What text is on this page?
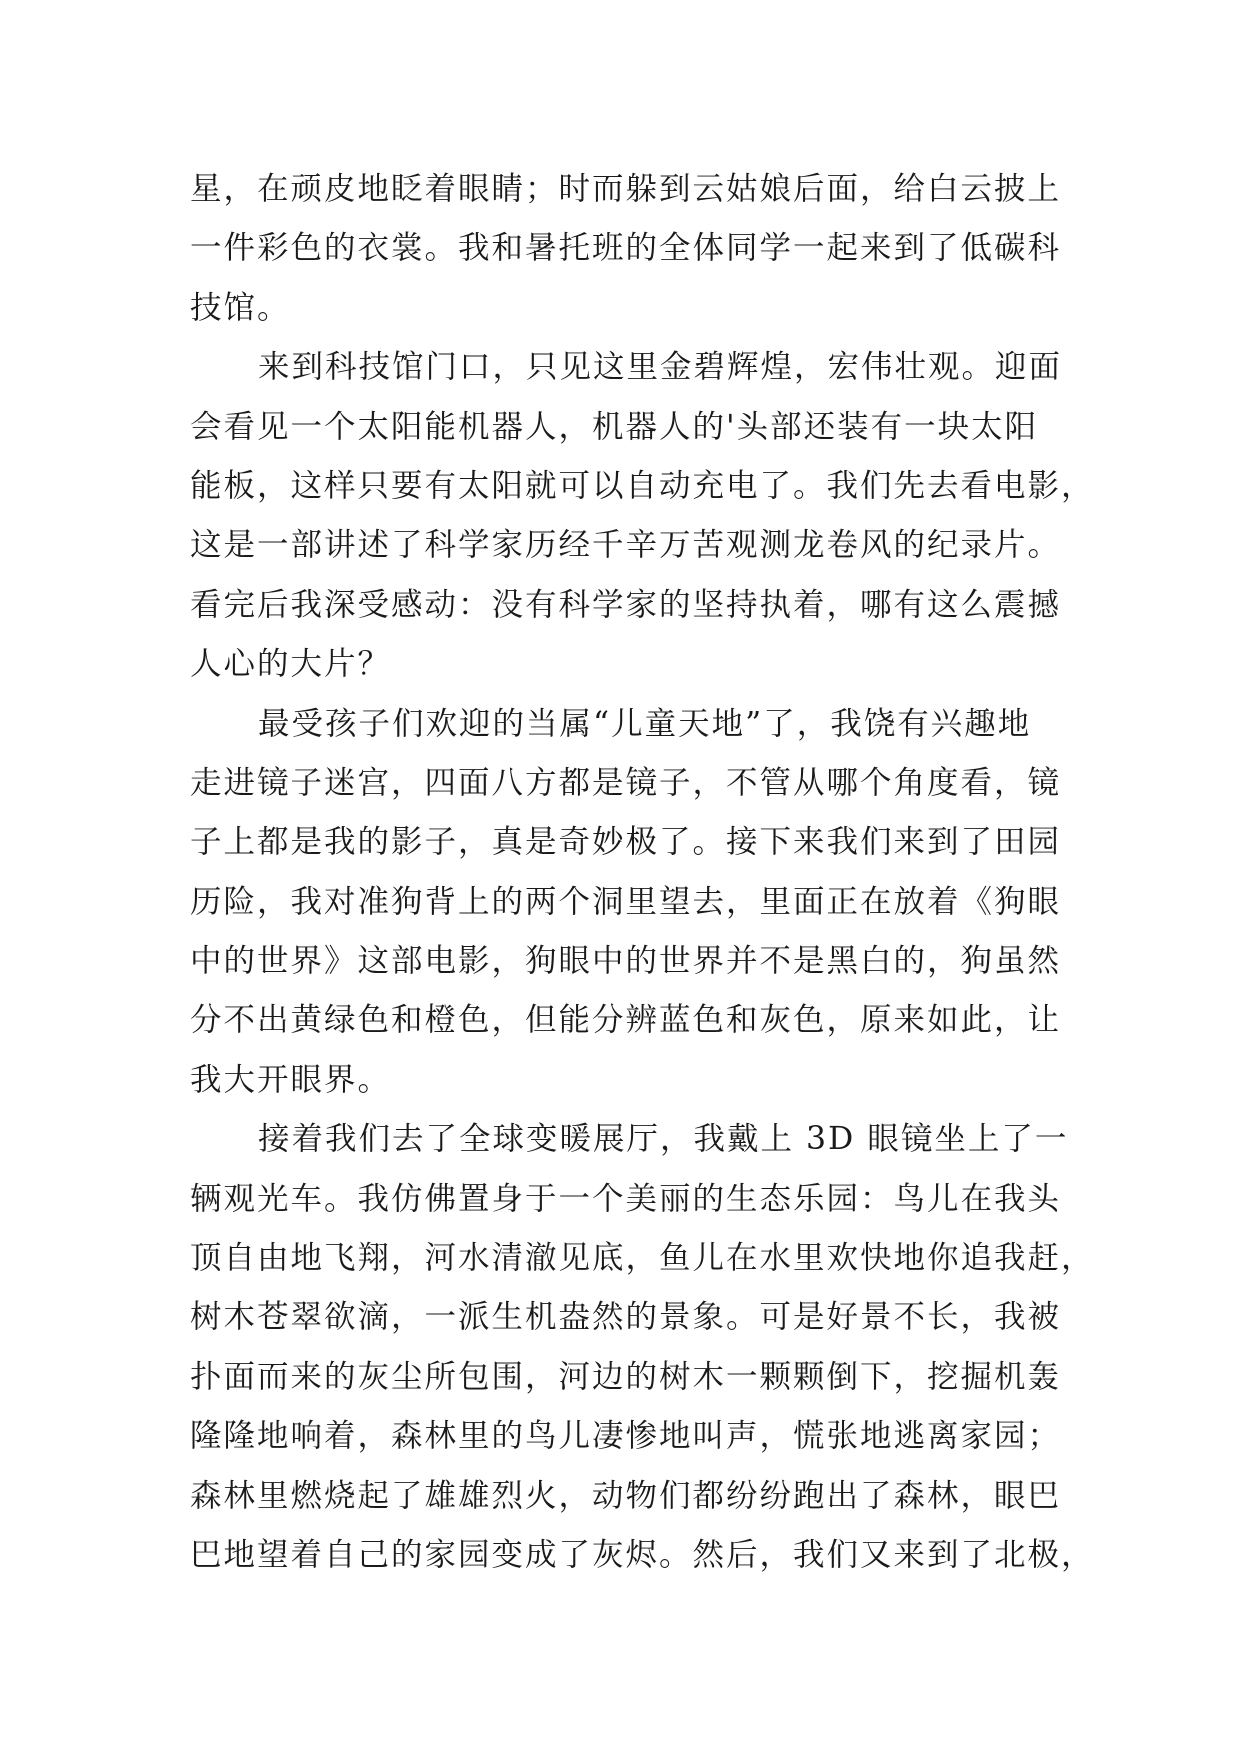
星，在顽皮地眨着眼睛；时而躲到云姑娘后面，给白云披上
一件彩色的衣裳。我和暑托班的全体同学一起来到了低碳科
技馆。
来到科技馆门口，只见这里金碧辉煌，宏伟壮观。迎面
会看见一个太阳能机器人，机器人的'头部还装有一块太阳
能板，这样只要有太阳就可以自动充电了。我们先去看电影，
这是一部讲述了科学家历经千辛万苦观测龙卷风的纪录片。
看完后我深受感动：没有科学家的坚持执着，哪有这么震撼
人心的大片？
最受孩子们欢迎的当属“儿童天地”了，我饶有兴趣地
走进镜子迷宫，四面八方都是镜子，不管从哪个角度看，镜
子上都是我的影子，真是奇妙极了。接下来我们来到了田园
历险，我对准狗背上的两个洞里望去，里面正在放着《狗眼
中的世界》这部电影，狗眼中的世界并不是黑白的，狗虽然
分不出黄绿色和橙色，但能分辨蓝色和灰色，原来如此，让
我大开眼界。
接着我们去了全球变暖展厅，我戴上 3D 眼镜坐上了一
辆观光车。我仿佛置身于一个美丽的生态乐园：鸟儿在我头
顶自由地飞翔，河水清澈见底，鱼儿在水里欢快地你追我赶，
树木苍翠欲滴，一派生机盎然的景象。可是好景不长，我被
扑面而来的灰尘所包围，河边的树木一颗颗倒下，挖掘机轰
隆隆地响着，森林里的鸟儿凄惨地叫声，慌张地逃离家园；
森林里燃烧起了雄雄烈火，动物们都纷纷跑出了森林，眼巴
巴地望着自己的家园变成了灰烬。然后，我们又来到了北极，
